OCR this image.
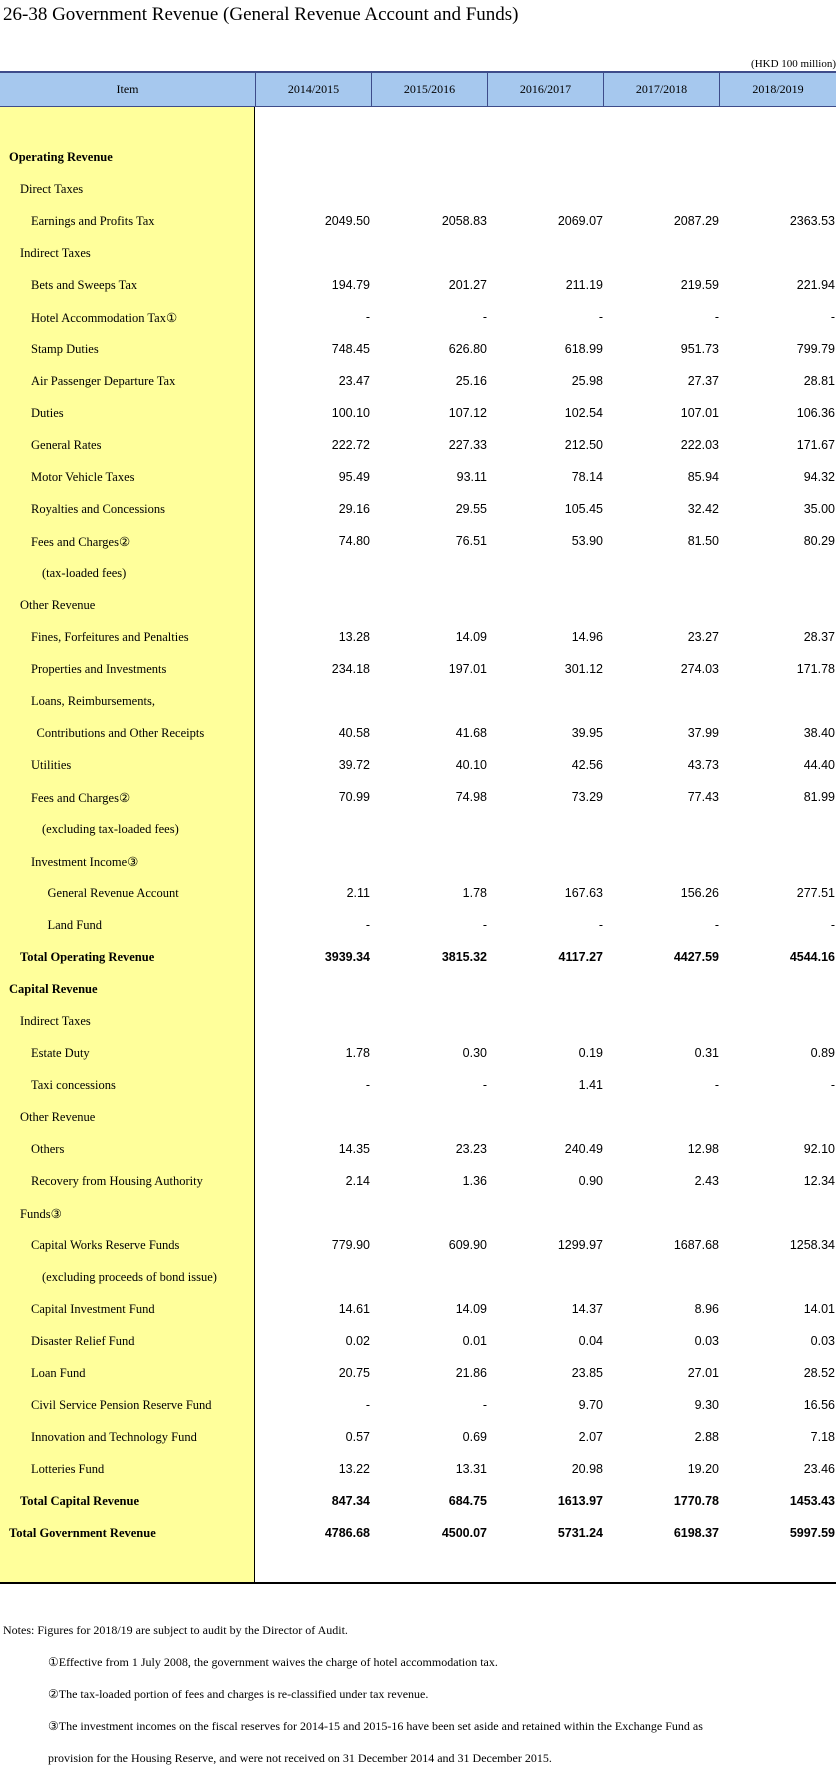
26-38 Government Revenue (General Revenue Account and Funds)
(HKD 100 million)
Item	2014/2015	2015/2016	2016/2017	2017/2018	2018/2019
Operating Revenue
Direct Taxes
Earnings and Profits Tax	2049.50	2058.83	2069.07	2087.29	2363.53
Indirect Taxes
Bets and Sweeps Tax	194.79	201.27	211.19	219.59	221.94
Hotel Accommodation Tax①	-	-	-	-	-
Stamp Duties	748.45	626.80	618.99	951.73	799.79
Air Passenger Departure Tax	23.47	25.16	25.98	27.37	28.81
Duties	100.10	107.12	102.54	107.01	106.36
General Rates	222.72	227.33	212.50	222.03	171.67
Motor Vehicle Taxes	95.49	93.11	78.14	85.94	94.32
Royalties and Concessions	29.16	29.55	105.45	32.42	35.00
Fees and Charges②	74.80	76.51	53.90	81.50	80.29
(tax-loaded fees)
Other Revenue
Fines, Forfeitures and Penalties	13.28	14.09	14.96	23.27	28.37
Properties and Investments	234.18	197.01	301.12	274.03	171.78
Loans, Reimbursements,
Contributions and Other Receipts	40.58	41.68	39.95	37.99	38.40
Utilities	39.72	40.10	42.56	43.73	44.40
Fees and Charges②	70.99	74.98	73.29	77.43	81.99
(excluding tax-loaded fees)
Investment Income③
General Revenue Account	2.11	1.78	167.63	156.26	277.51
Land Fund	-	-	-	-	-
Total Operating Revenue	3939.34	3815.32	4117.27	4427.59	4544.16
Capital Revenue
Indirect Taxes
Estate Duty	1.78	0.30	0.19	0.31	0.89
Taxi concessions	-	-	1.41	-	-
Other Revenue
Others	14.35	23.23	240.49	12.98	92.10
Recovery from Housing Authority	2.14	1.36	0.90	2.43	12.34
Funds③
Capital Works Reserve Funds	779.90	609.90	1299.97	1687.68	1258.34
(excluding proceeds of bond issue)
Capital Investment Fund	14.61	14.09	14.37	8.96	14.01
Disaster Relief Fund	0.02	0.01	0.04	0.03	0.03
Loan Fund	20.75	21.86	23.85	27.01	28.52
Civil Service Pension Reserve Fund	-	-	9.70	9.30	16.56
Innovation and Technology Fund	0.57	0.69	2.07	2.88	7.18
Lotteries Fund	13.22	13.31	20.98	19.20	23.46
Total Capital Revenue	847.34	684.75	1613.97	1770.78	1453.43
Total Government Revenue	4786.68	4500.07	5731.24	6198.37	5997.59
Notes: Figures for 2018/19 are subject to audit by the Director of Audit.
①Effective from 1 July 2008, the government waives the charge of hotel accommodation tax.
②The tax-loaded portion of fees and charges is re-classified under tax revenue.
③The investment incomes on the fiscal reserves for 2014-15 and 2015-16 have been set aside and retained within the Exchange Fund as
provision for the Housing Reserve, and were not received on 31 December 2014 and 31 December 2015.
